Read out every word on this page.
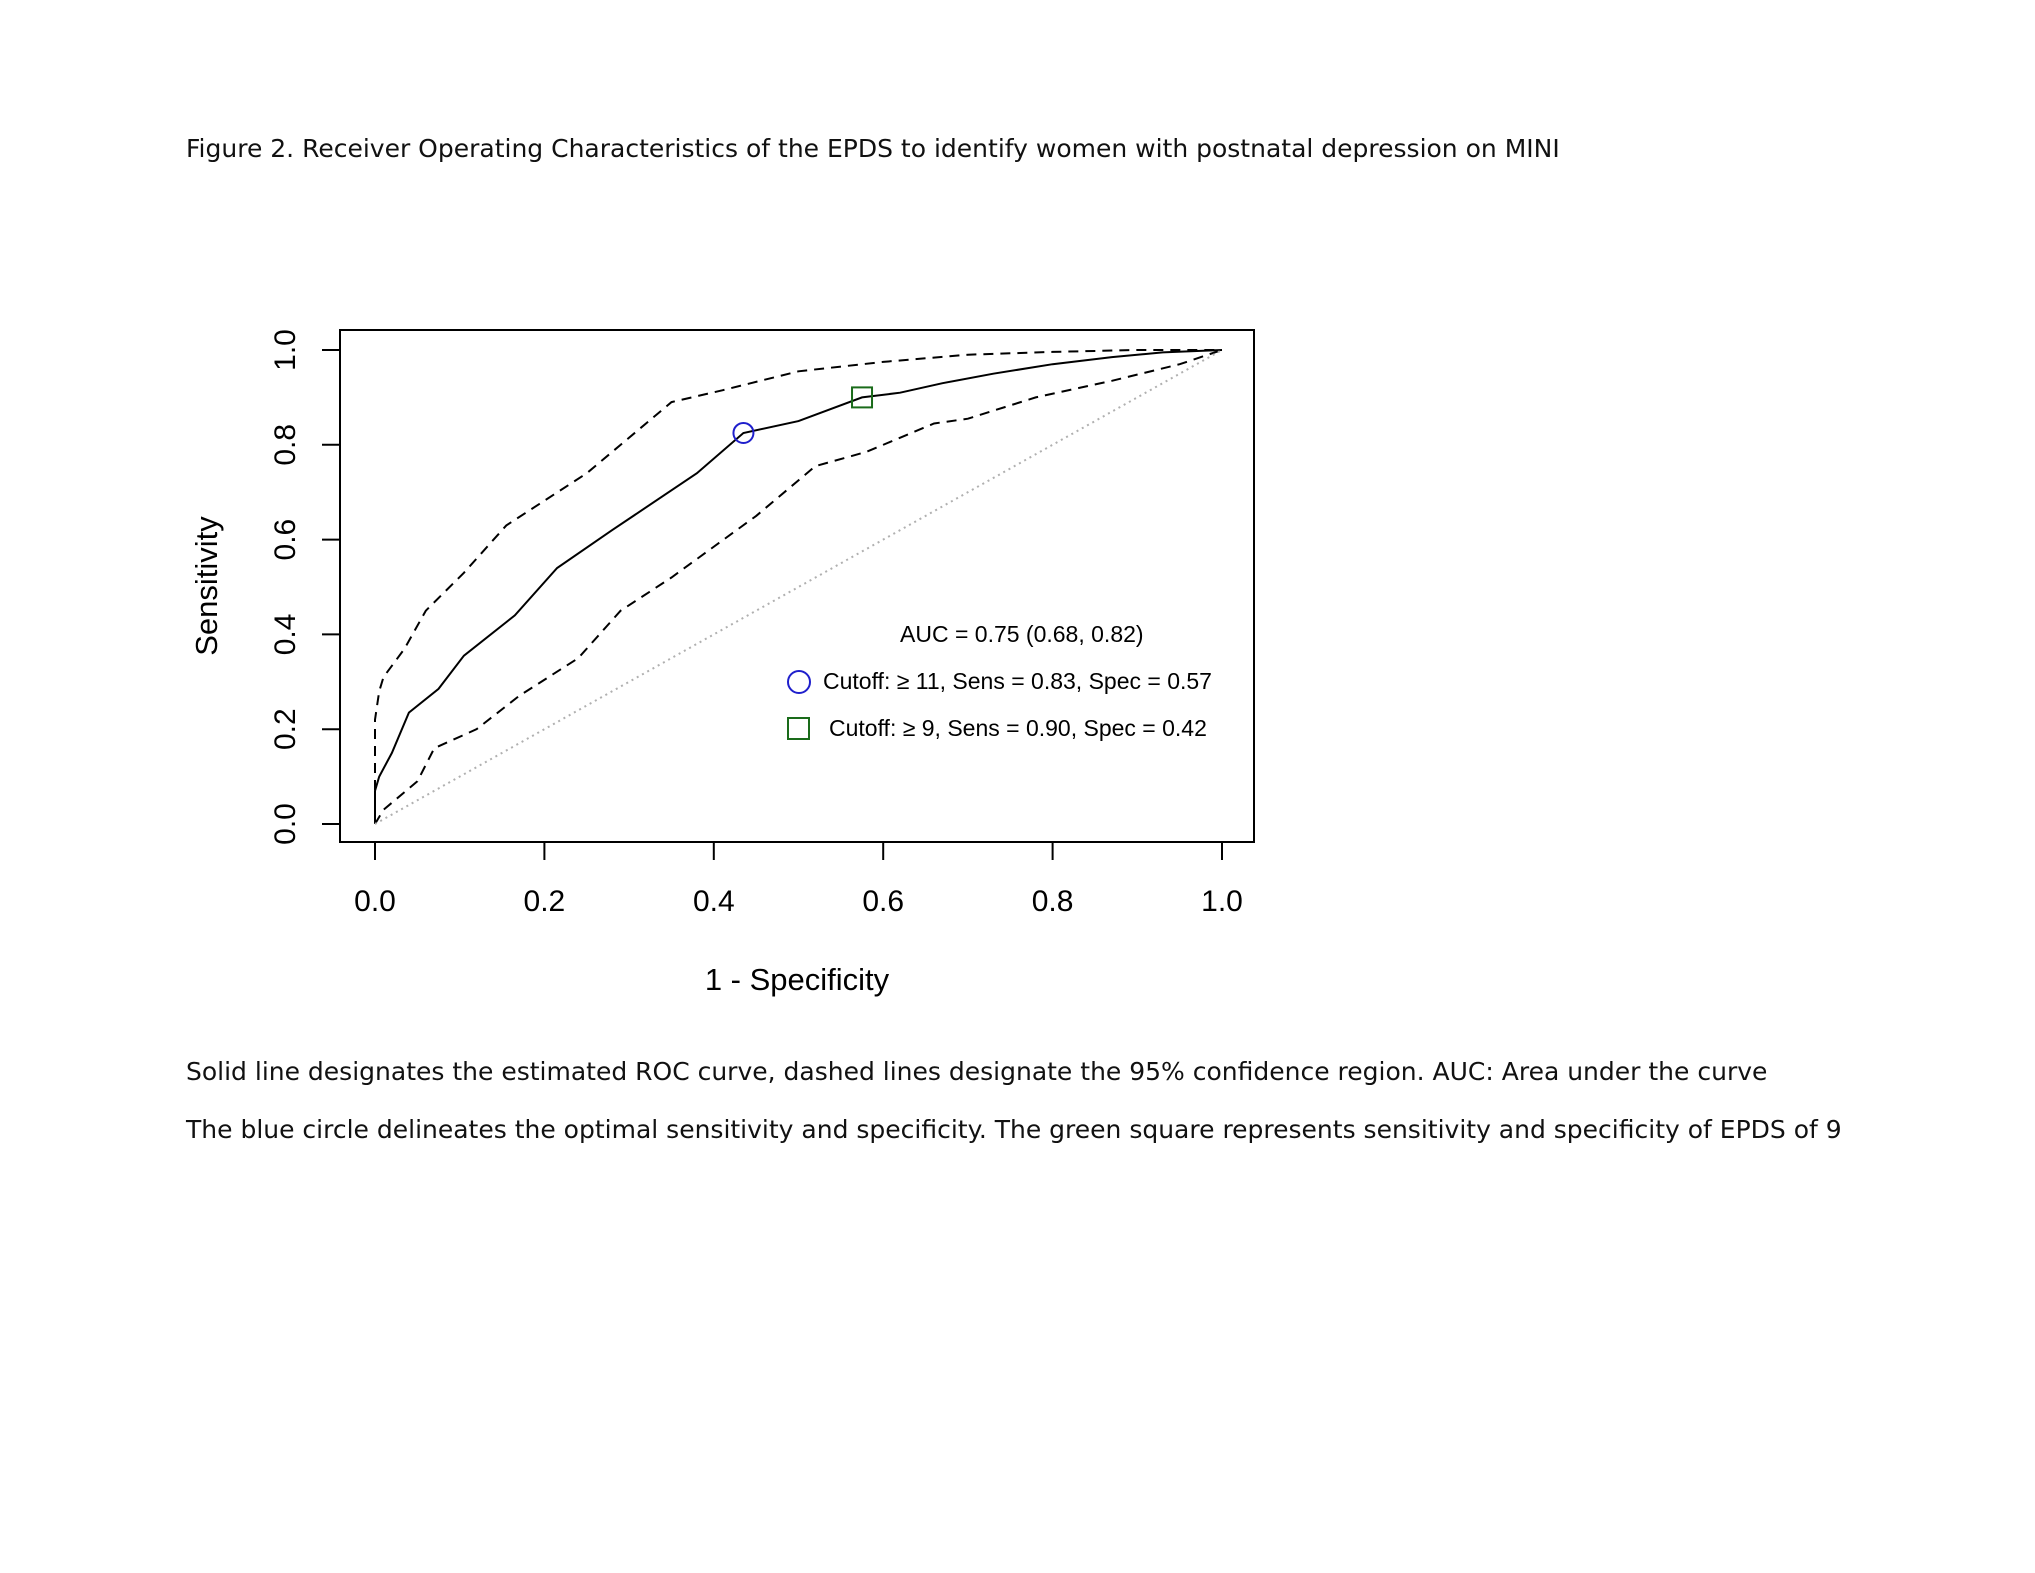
Figure 2. Receiver Operating Characteristics of the EPDS to identify women with postnatal depression on MINI
0.0	0.2	0.4	0.6	0.8	1.0
0.0
0.2
0.4
0.6
0.8
1.0
1 - Specificity
Sensitivity	AUC = 0.75 (0.68, 0.82)
Cutoff: ≥ 11, Sens = 0.83, Spec = 0.57
Cutoff: ≥ 9, Sens = 0.90, Spec = 0.42
Solid line designates the estimated ROC curve, dashed lines designate the 95% confidence region. AUC: Area under the curve
The blue circle delineates the optimal sensitivity and specificity. The green square represents sensitivity and specificity of EPDS of 9
